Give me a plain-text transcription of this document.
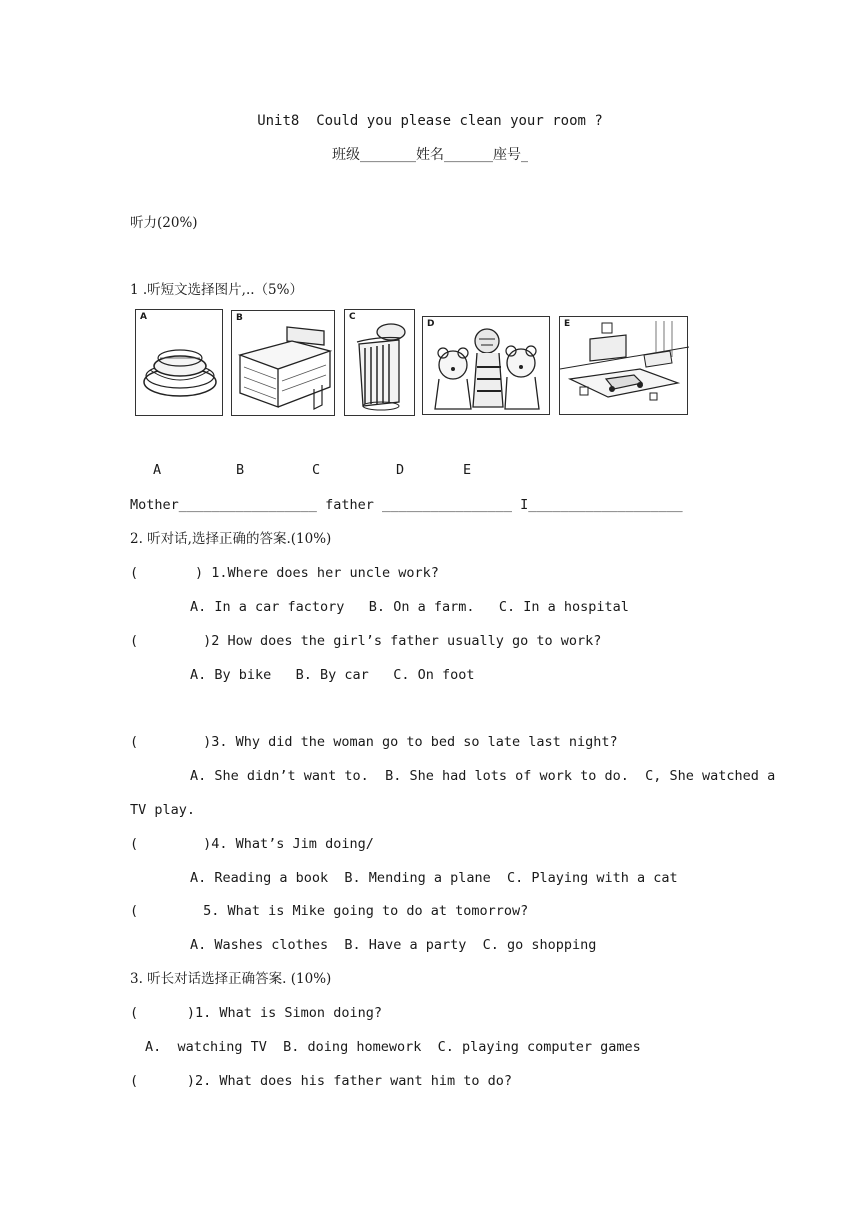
Unit8  Could you please clean your room ?
班级________姓名_______座号_
听力(20%)
1 .听短文选择图片,..（5%）
A	B	C
D	E
A	B	C	D	E
Mother_________________ father ________________ I___________________
2. 听对话,选择正确的答案.(10%)
(       ) 1.Where does her uncle work?
A. In a car factory   B. On a farm.   C. In a hospital
(        )2 How does the girl’s father usually go to work?
A. By bike   B. By car   C. On foot
(        )3. Why did the woman go to bed so late last night?
A. She didn’t want to.  B. She had lots of work to do.  C, She watched a
TV play.
(        )4. What’s Jim doing/
A. Reading a book  B. Mending a plane  C. Playing with a cat
(        5. What is Mike going to do at tomorrow?
A. Washes clothes  B. Have a party  C. go shopping
3. 听长对话选择正确答案. (10%)
(      )1. What is Simon doing?
A.  watching TV  B. doing homework  C. playing computer games
(      )2. What does his father want him to do?
